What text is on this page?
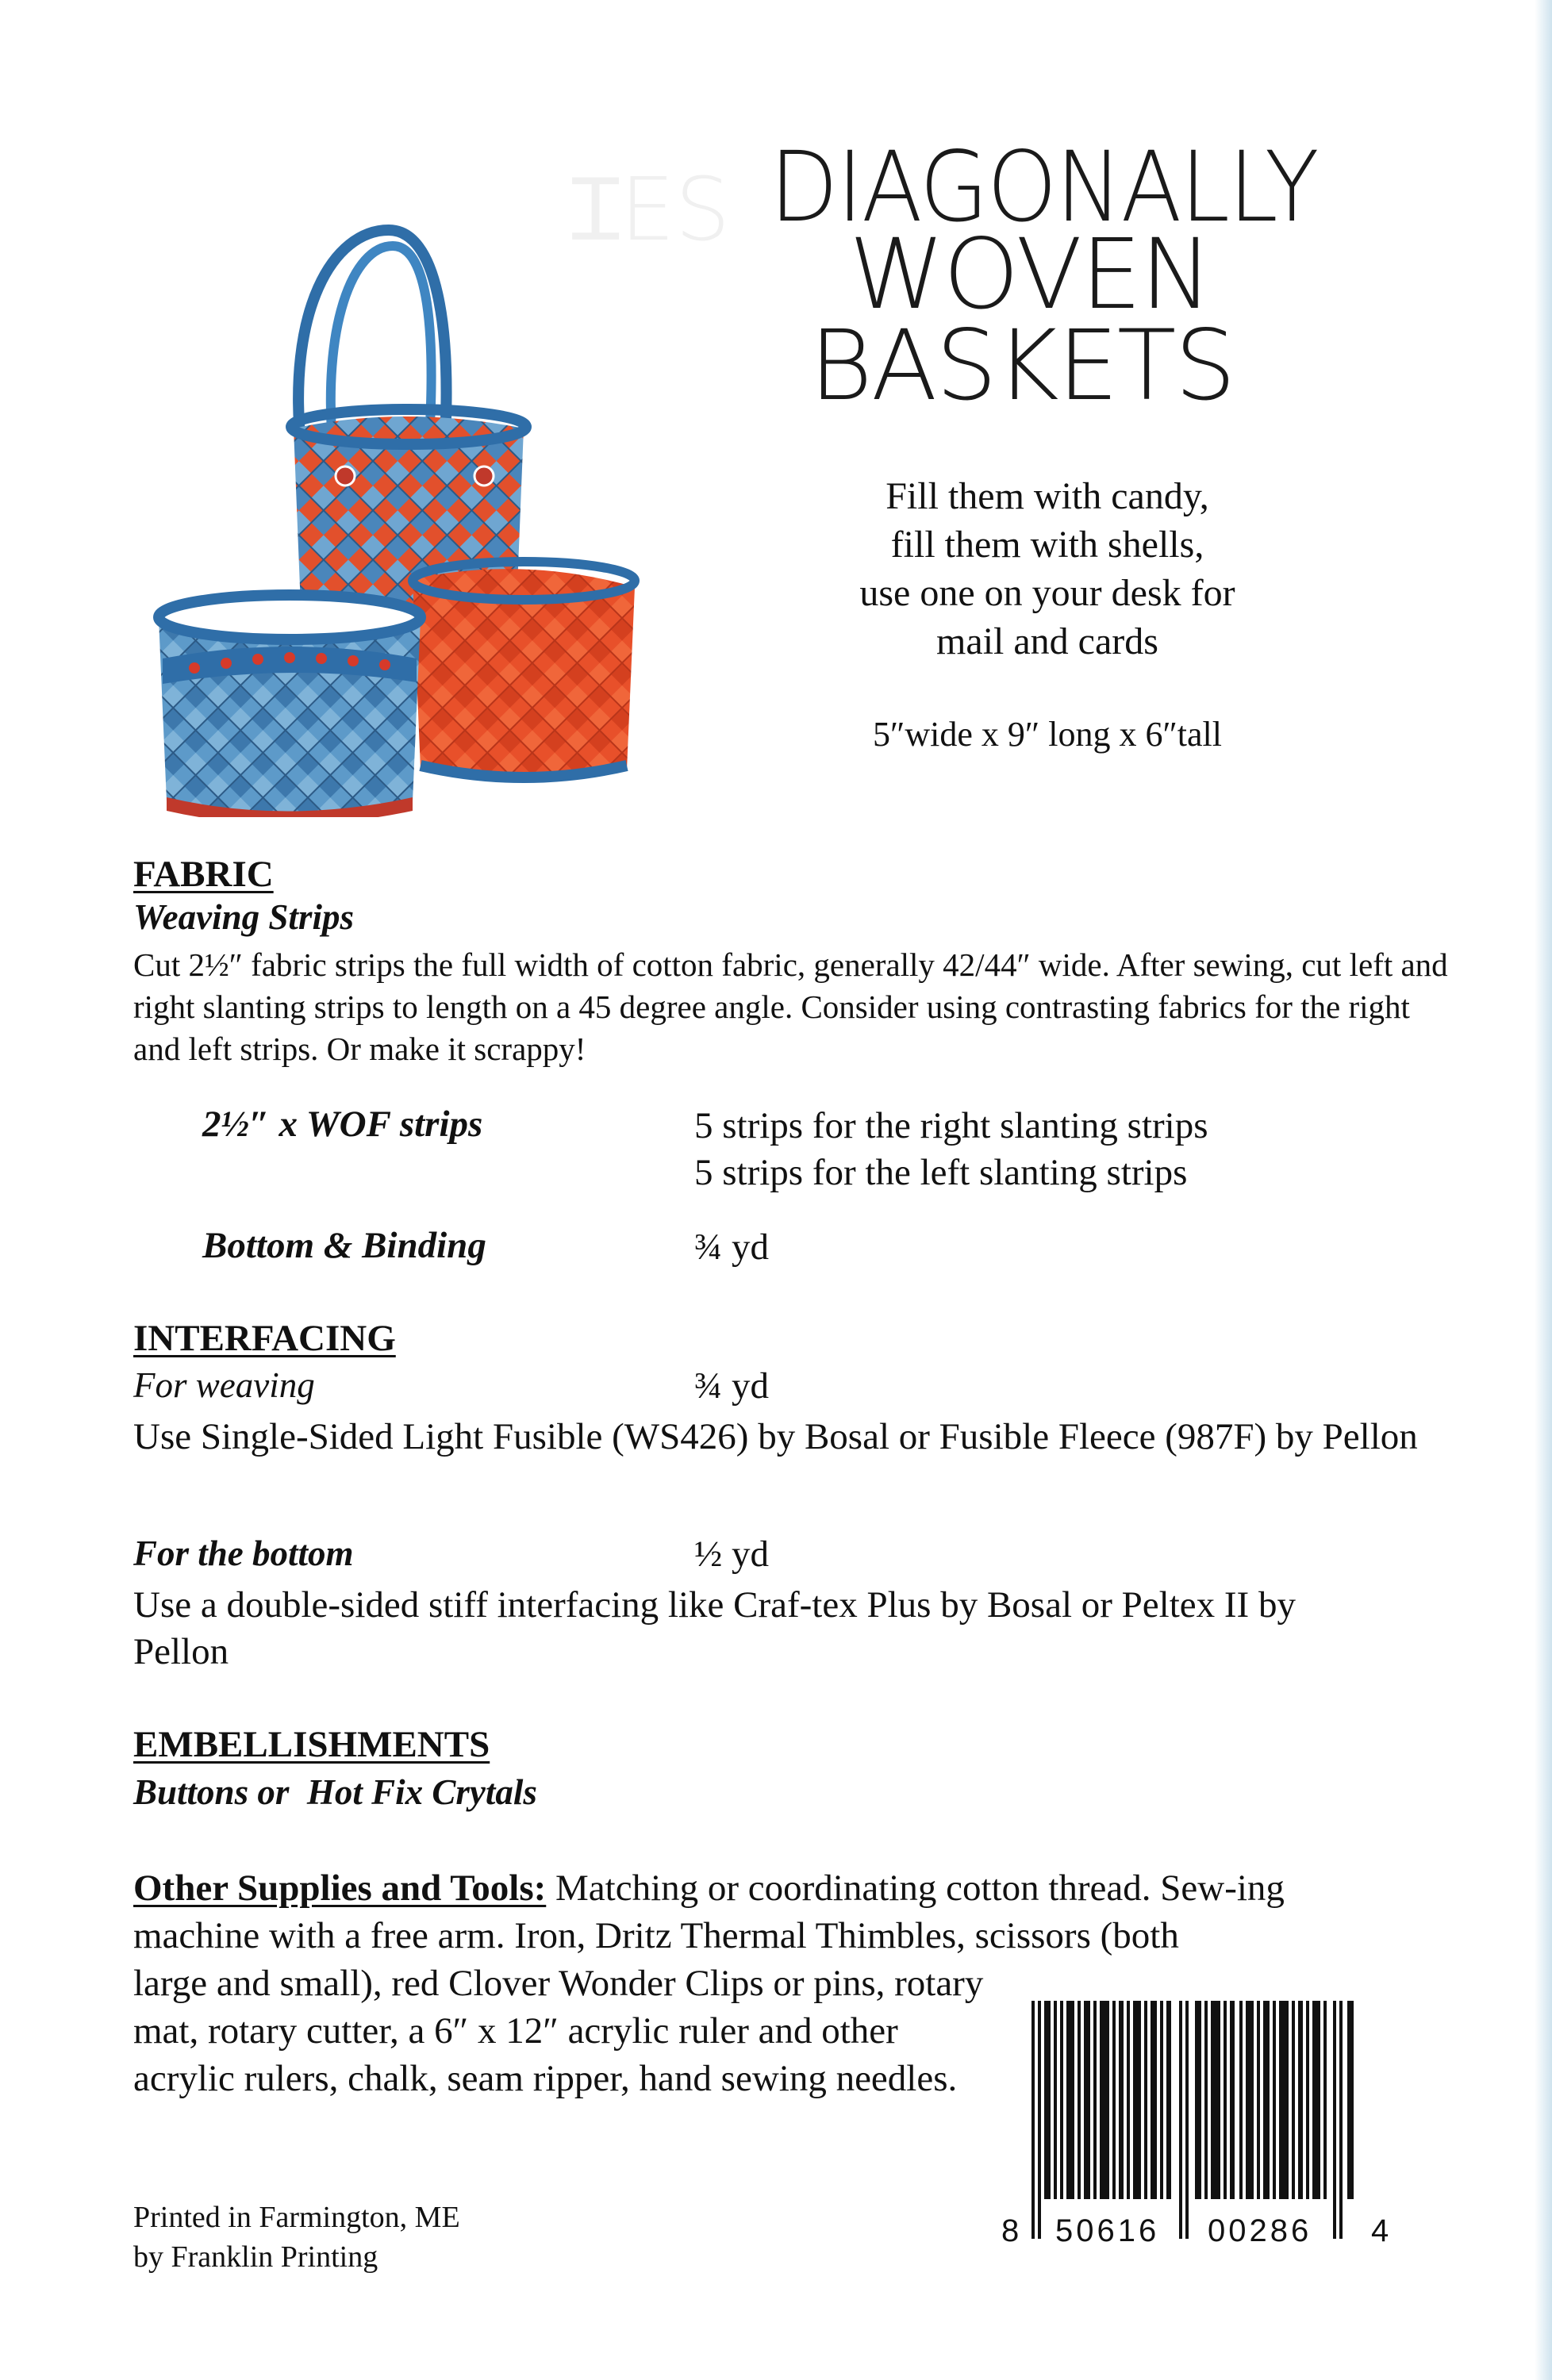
ꞮES DIAGONALLY
WOVEN
BASKETS
Fill them with candy,
fill them with shells,
use one on your desk for
mail and cards
5″wide x 9″ long x 6″tall
FABRIC
Weaving Strips
Cut 2½″ fabric strips the full width of cotton fabric, generally 42/44″ wide. After sewing, cut left and right slanting strips to length on a 45 degree angle. Consider using contrasting fabrics for the right and left strips. Or make it scrappy!
2½″ x WOF strips	5 strips for the right slanting strips
5 strips for the left slanting strips
Bottom & Binding	¾ yd
INTERFACING
For weaving	¾ yd
Use Single-Sided Light Fusible (WS426) by Bosal or Fusible Fleece (987F) by Pellon
For the bottom	½ yd
Use a double-sided stiff interfacing like Craf-tex Plus by Bosal or Peltex II by Pellon
EMBELLISHMENTS
Buttons or  Hot Fix Crytals
Other Supplies and Tools: Matching or coordinating cotton thread. Sew-ing machine with a free arm. Iron, Dritz Thermal Thimbles, scissors (both
large and small), red Clover Wonder Clips or pins, rotary mat, rotary cutter, a 6″ x 12″ acrylic ruler and other acrylic rulers, chalk, seam ripper, hand sewing needles.
Printed in Farmington, ME
by Franklin Printing
8 50616 00286 4
